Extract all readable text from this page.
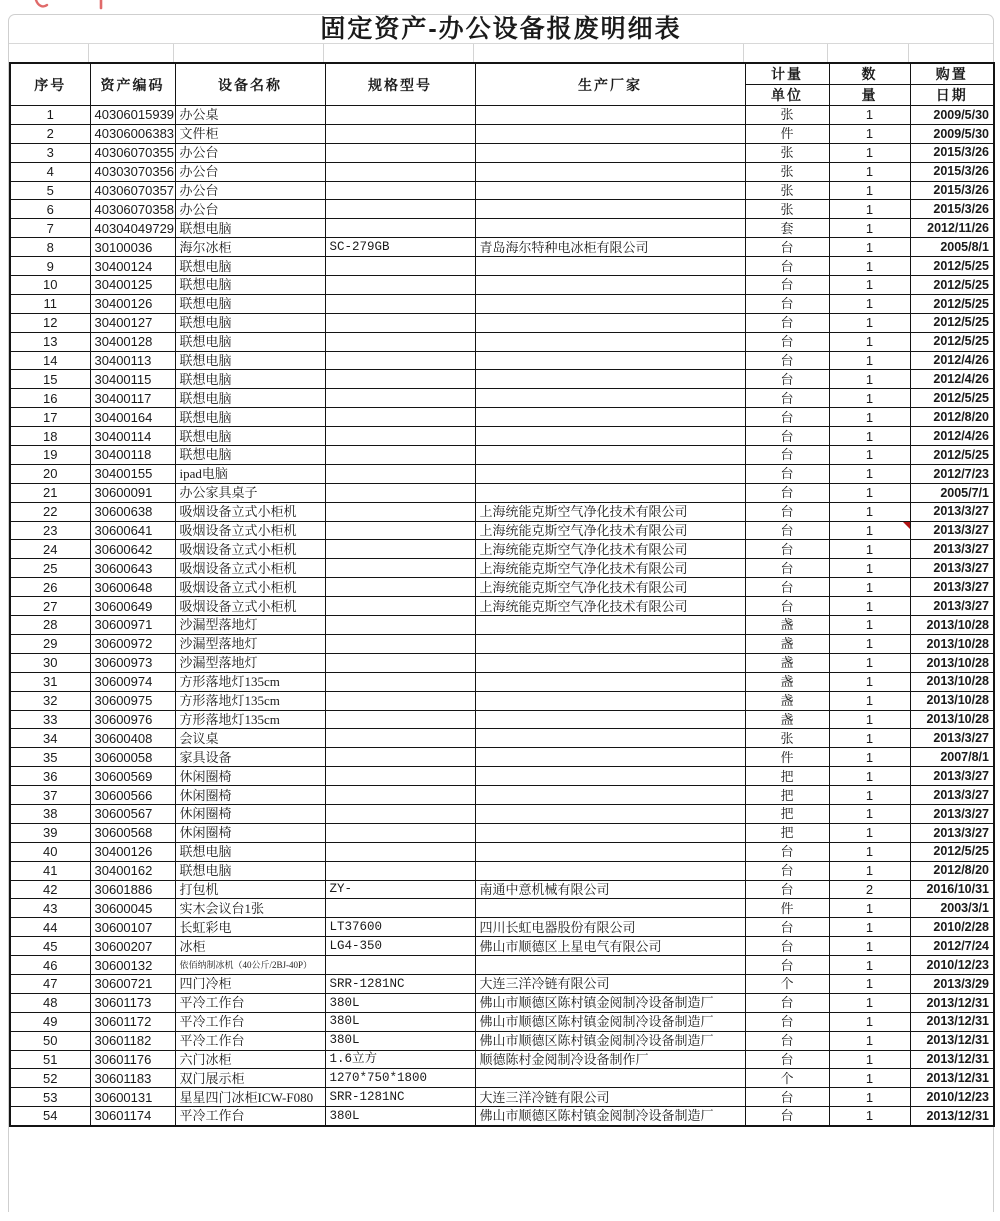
固定资产-办公设备报废明细表
序号	资产编码	设备名称	规格型号	生产厂家	计量	数	购置
					单位	量	日期
1	40306015939	办公桌			张	1	2009/5/30
2	40306006383	文件柜			件	1	2009/5/30
3	40306070355	办公台			张	1	2015/3/26
4	40303070356	办公台			张	1	2015/3/26
5	40306070357	办公台			张	1	2015/3/26
6	40306070358	办公台			张	1	2015/3/26
7	40304049729	联想电脑			套	1	2012/11/26
8	30100036	海尔冰柜	SC-279GB	青岛海尔特种电冰柜有限公司	台	1	2005/8/1
9	30400124	联想电脑			台	1	2012/5/25
10	30400125	联想电脑			台	1	2012/5/25
11	30400126	联想电脑			台	1	2012/5/25
12	30400127	联想电脑			台	1	2012/5/25
13	30400128	联想电脑			台	1	2012/5/25
14	30400113	联想电脑			台	1	2012/4/26
15	30400115	联想电脑			台	1	2012/4/26
16	30400117	联想电脑			台	1	2012/5/25
17	30400164	联想电脑			台	1	2012/8/20
18	30400114	联想电脑			台	1	2012/4/26
19	30400118	联想电脑			台	1	2012/5/25
20	30400155	ipad电脑			台	1	2012/7/23
21	30600091	办公家具桌子			台	1	2005/7/1
22	30600638	吸烟设备立式小柜机		上海统能克斯空气净化技术有限公司	台	1	2013/3/27
23	30600641	吸烟设备立式小柜机		上海统能克斯空气净化技术有限公司	台	1	2013/3/27
24	30600642	吸烟设备立式小柜机		上海统能克斯空气净化技术有限公司	台	1	2013/3/27
25	30600643	吸烟设备立式小柜机		上海统能克斯空气净化技术有限公司	台	1	2013/3/27
26	30600648	吸烟设备立式小柜机		上海统能克斯空气净化技术有限公司	台	1	2013/3/27
27	30600649	吸烟设备立式小柜机		上海统能克斯空气净化技术有限公司	台	1	2013/3/27
28	30600971	沙漏型落地灯			盏	1	2013/10/28
29	30600972	沙漏型落地灯			盏	1	2013/10/28
30	30600973	沙漏型落地灯			盏	1	2013/10/28
31	30600974	方形落地灯135cm			盏	1	2013/10/28
32	30600975	方形落地灯135cm			盏	1	2013/10/28
33	30600976	方形落地灯135cm			盏	1	2013/10/28
34	30600408	会议桌			张	1	2013/3/27
35	30600058	家具设备			件	1	2007/8/1
36	30600569	休闲圈椅			把	1	2013/3/27
37	30600566	休闲圈椅			把	1	2013/3/27
38	30600567	休闲圈椅			把	1	2013/3/27
39	30600568	休闲圈椅			把	1	2013/3/27
40	30400126	联想电脑			台	1	2012/5/25
41	30400162	联想电脑			台	1	2012/8/20
42	30601886	打包机	ZY-	南通中意机械有限公司	台	2	2016/10/31
43	30600045	实木会议台1张			件	1	2003/3/1
44	30600107	长虹彩电	LT37600	四川长虹电器股份有限公司	台	1	2010/2/28
45	30600207	冰柜	LG4-350	佛山市顺德区上星电气有限公司	台	1	2012/7/24
46	30600132	依佰纳制冰机（40公斤/2BJ-40P）			台	1	2010/12/23
47	30600721	四门冷柜	SRR-1281NC	大连三洋冷链有限公司	个	1	2013/3/29
48	30601173	平冷工作台	380L	佛山市顺德区陈村镇金阅制冷设备制造厂	台	1	2013/12/31
49	30601172	平冷工作台	380L	佛山市顺德区陈村镇金阅制冷设备制造厂	台	1	2013/12/31
50	30601182	平冷工作台	380L	佛山市顺德区陈村镇金阅制冷设备制造厂	台	1	2013/12/31
51	30601176	六门冰柜	1.6立方	顺德陈村金阅制冷设备制作厂	台	1	2013/12/31
52	30601183	双门展示柜	1270*750*1800		个	1	2013/12/31
53	30600131	星星四门冰柜ICW-F080	SRR-1281NC	大连三洋冷链有限公司	台	1	2010/12/23
54	30601174	平冷工作台	380L	佛山市顺德区陈村镇金阅制冷设备制造厂	台	1	2013/12/31
